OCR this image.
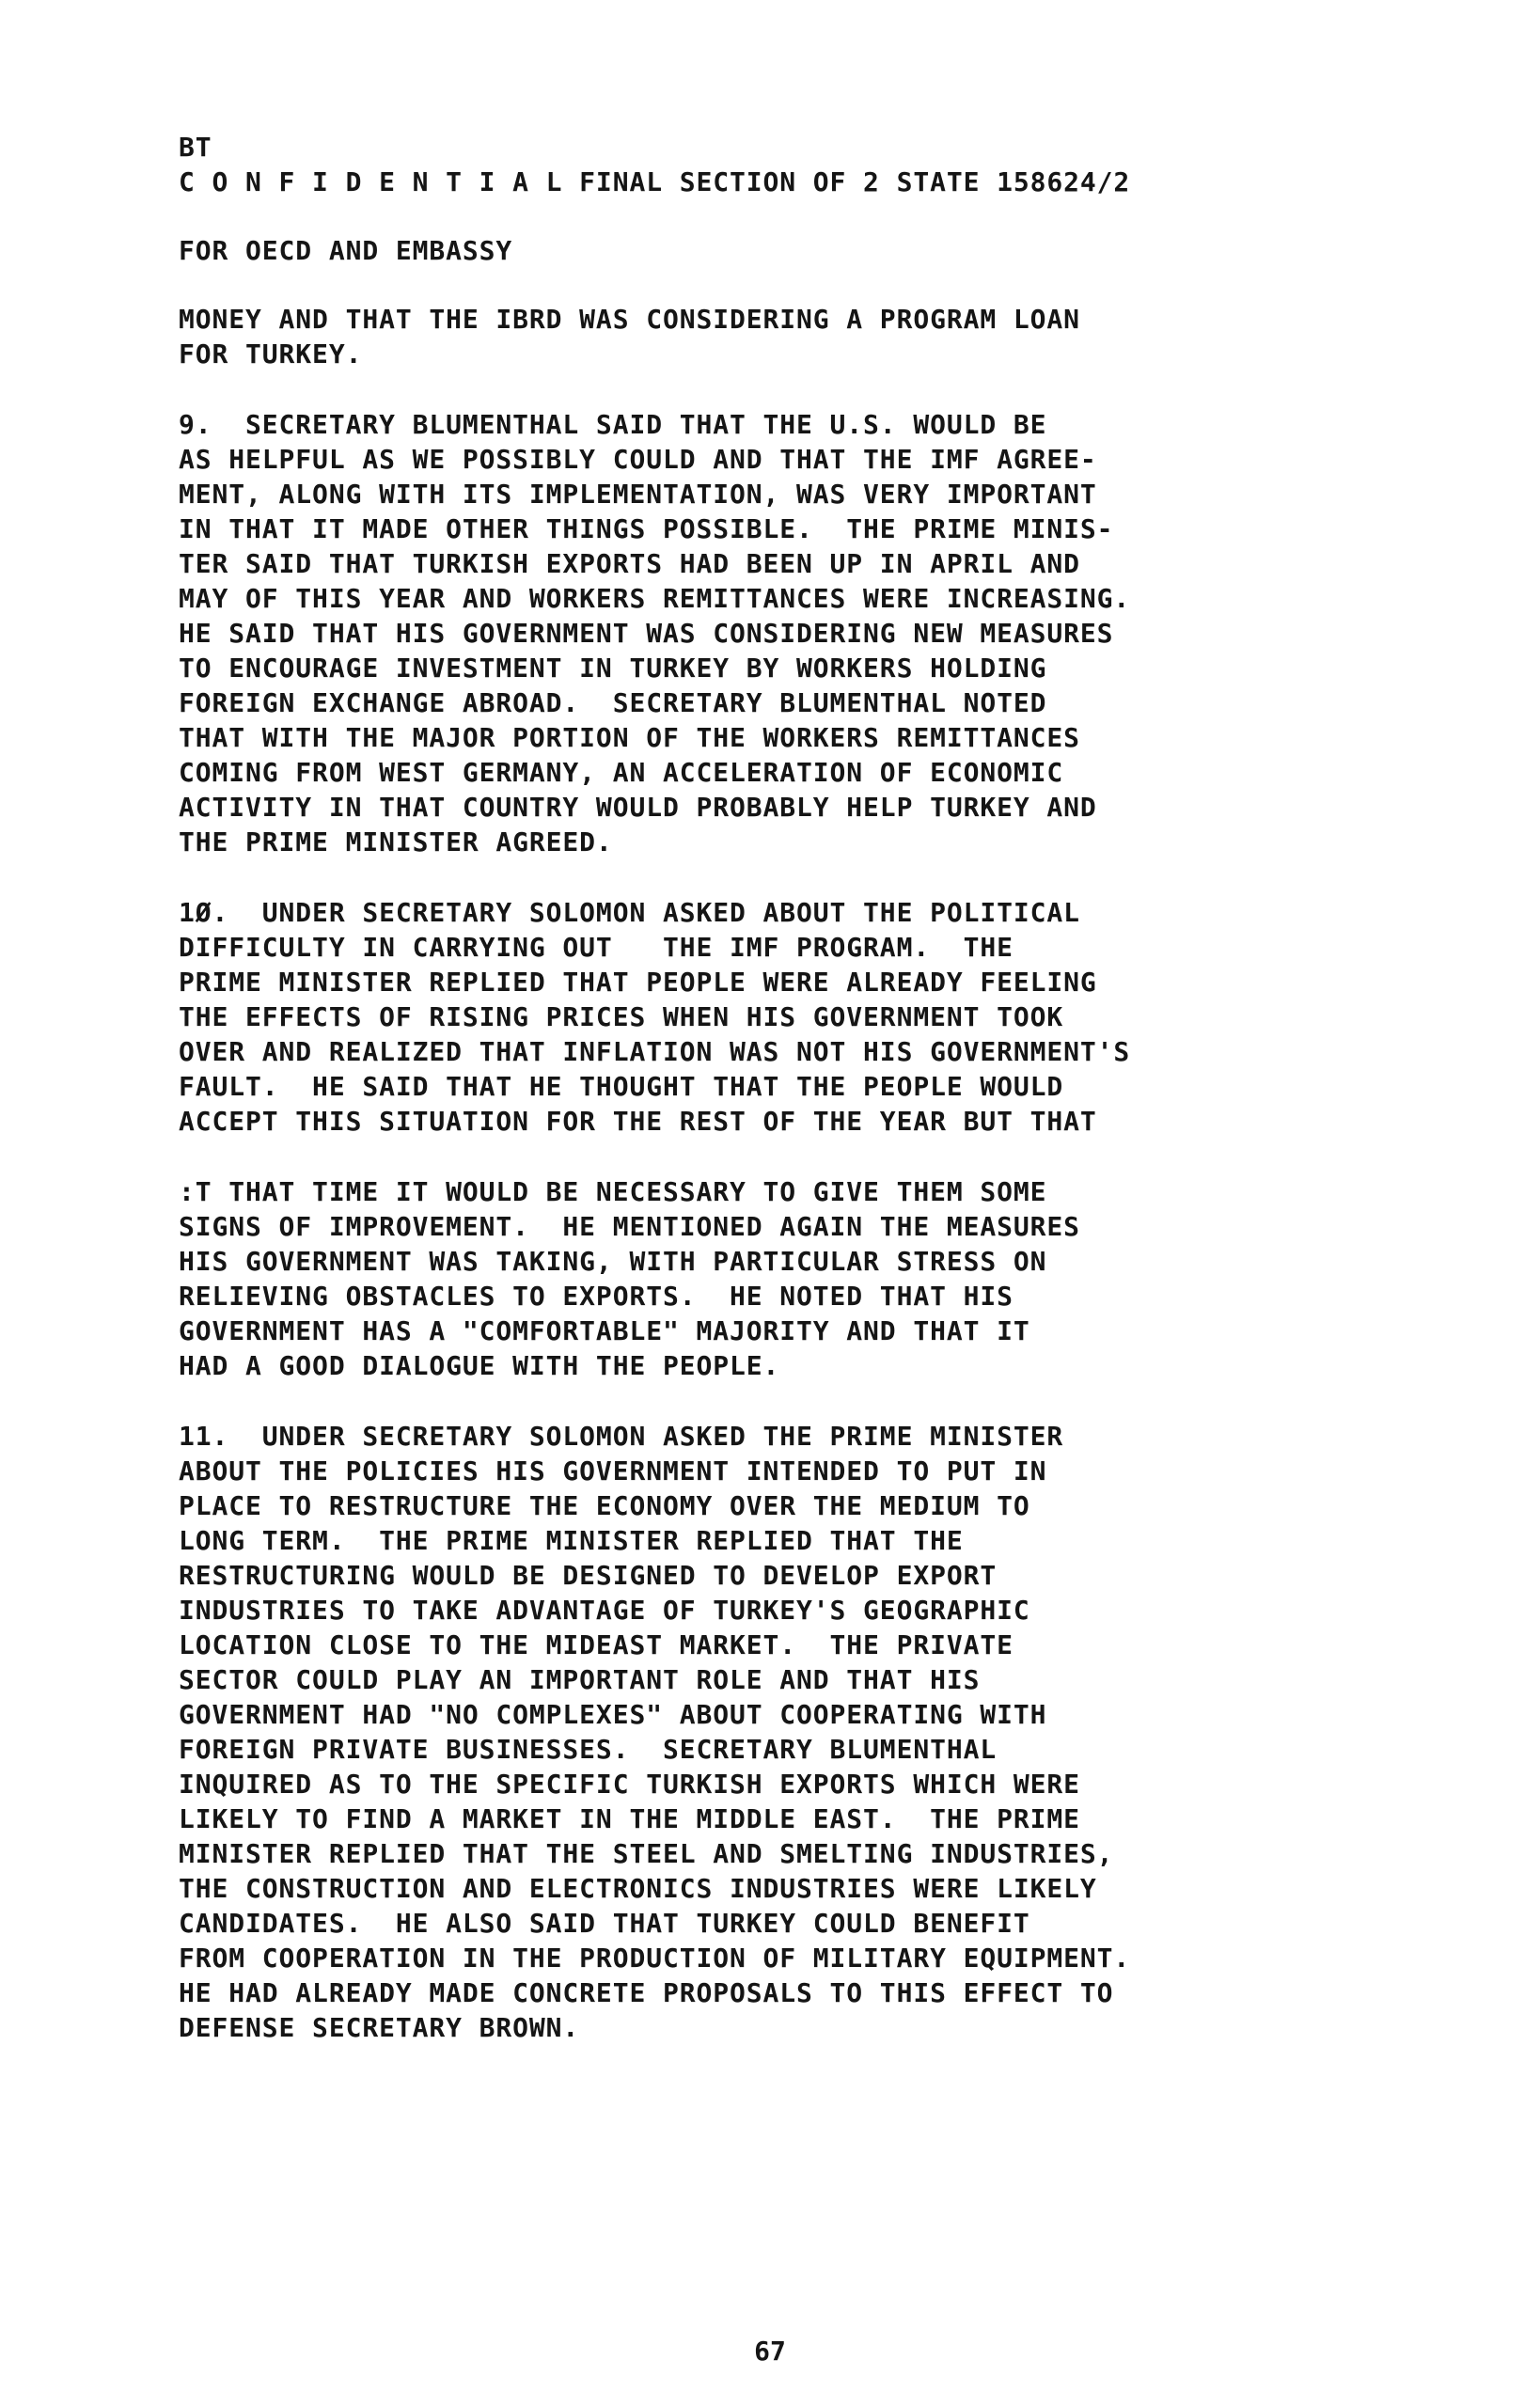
BT
C O N F I D E N T I A L FINAL SECTION OF 2 STATE 158624/2
FOR OECD AND EMBASSY
MONEY AND THAT THE IBRD WAS CONSIDERING A PROGRAM LOAN
FOR TURKEY.
9.  SECRETARY BLUMENTHAL SAID THAT THE U.S. WOULD BE
AS HELPFUL AS WE POSSIBLY COULD AND THAT THE IMF AGREE-
MENT, ALONG WITH ITS IMPLEMENTATION, WAS VERY IMPORTANT
IN THAT IT MADE OTHER THINGS POSSIBLE.  THE PRIME MINIS-
TER SAID THAT TURKISH EXPORTS HAD BEEN UP IN APRIL AND
MAY OF THIS YEAR AND WORKERS REMITTANCES WERE INCREASING.
HE SAID THAT HIS GOVERNMENT WAS CONSIDERING NEW MEASURES
TO ENCOURAGE INVESTMENT IN TURKEY BY WORKERS HOLDING
FOREIGN EXCHANGE ABROAD.  SECRETARY BLUMENTHAL NOTED
THAT WITH THE MAJOR PORTION OF THE WORKERS REMITTANCES
COMING FROM WEST GERMANY, AN ACCELERATION OF ECONOMIC
ACTIVITY IN THAT COUNTRY WOULD PROBABLY HELP TURKEY AND
THE PRIME MINISTER AGREED.
1Ø.  UNDER SECRETARY SOLOMON ASKED ABOUT THE POLITICAL
DIFFICULTY IN CARRYING OUT   THE IMF PROGRAM.  THE
PRIME MINISTER REPLIED THAT PEOPLE WERE ALREADY FEELING
THE EFFECTS OF RISING PRICES WHEN HIS GOVERNMENT TOOK
OVER AND REALIZED THAT INFLATION WAS NOT HIS GOVERNMENT'S
FAULT.  HE SAID THAT HE THOUGHT THAT THE PEOPLE WOULD
ACCEPT THIS SITUATION FOR THE REST OF THE YEAR BUT THAT
:T THAT TIME IT WOULD BE NECESSARY TO GIVE THEM SOME
SIGNS OF IMPROVEMENT.  HE MENTIONED AGAIN THE MEASURES
HIS GOVERNMENT WAS TAKING, WITH PARTICULAR STRESS ON
RELIEVING OBSTACLES TO EXPORTS.  HE NOTED THAT HIS
GOVERNMENT HAS A "COMFORTABLE" MAJORITY AND THAT IT
HAD A GOOD DIALOGUE WITH THE PEOPLE.
11.  UNDER SECRETARY SOLOMON ASKED THE PRIME MINISTER
ABOUT THE POLICIES HIS GOVERNMENT INTENDED TO PUT IN
PLACE TO RESTRUCTURE THE ECONOMY OVER THE MEDIUM TO
LONG TERM.  THE PRIME MINISTER REPLIED THAT THE
RESTRUCTURING WOULD BE DESIGNED TO DEVELOP EXPORT
INDUSTRIES TO TAKE ADVANTAGE OF TURKEY'S GEOGRAPHIC
LOCATION CLOSE TO THE MIDEAST MARKET.  THE PRIVATE
SECTOR COULD PLAY AN IMPORTANT ROLE AND THAT HIS
GOVERNMENT HAD "NO COMPLEXES" ABOUT COOPERATING WITH
FOREIGN PRIVATE BUSINESSES.  SECRETARY BLUMENTHAL
INQUIRED AS TO THE SPECIFIC TURKISH EXPORTS WHICH WERE
LIKELY TO FIND A MARKET IN THE MIDDLE EAST.  THE PRIME
MINISTER REPLIED THAT THE STEEL AND SMELTING INDUSTRIES,
THE CONSTRUCTION AND ELECTRONICS INDUSTRIES WERE LIKELY
CANDIDATES.  HE ALSO SAID THAT TURKEY COULD BENEFIT
FROM COOPERATION IN THE PRODUCTION OF MILITARY EQUIPMENT.
HE HAD ALREADY MADE CONCRETE PROPOSALS TO THIS EFFECT TO
DEFENSE SECRETARY BROWN.
67
